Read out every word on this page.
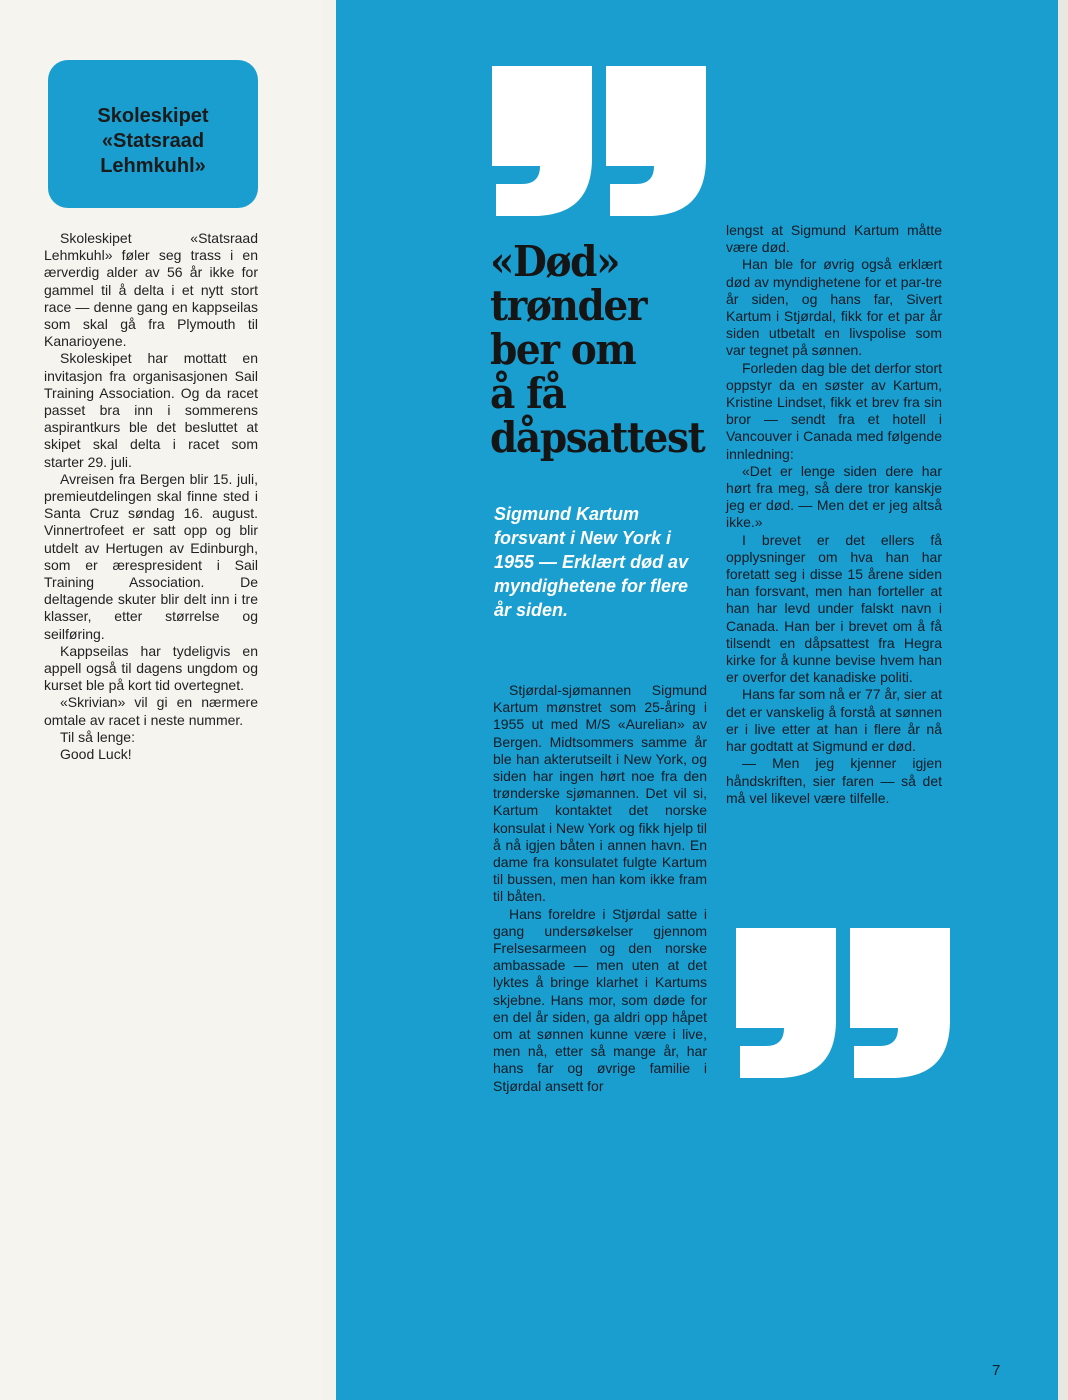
Skoleskipet
«Statsraad
Lehmkuhl»

Skoleskipet «Statsraad Lehmkuhl» føler seg trass i en ærverdig alder av 56 år ikke for gammel til å delta i et nytt stort race — denne gang en kappseilas som skal gå fra Plymouth til Kanarioyene.

Skoleskipet har mottatt en invitasjon fra organisasjonen Sail Training Association. Og da racet passet bra inn i sommerens aspirantkurs ble det besluttet at skipet skal delta i racet som starter 29. juli.

Avreisen fra Bergen blir 15. juli, premieutdelingen skal finne sted i Santa Cruz søndag 16. august. Vinnertrofeet er satt opp og blir utdelt av Hertugen av Edinburgh, som er ærespresident i Sail Training Association. De deltagende skuter blir delt inn i tre klasser, etter størrelse og seilføring.

Kappseilas har tydeligvis en appell også til dagens ungdom og kurset ble på kort tid overtegnet.

«Skrivian» vil gi en nærmere omtale av racet i neste nummer.

Til så lenge:

Good Luck!

«Død»
trønder
ber om
å få
dåpsattest
Sigmund Kartum forsvant i New York i 1955 — Erklært død av myndighetene for flere år siden.

Stjørdal-sjømannen Sigmund Kartum mønstret som 25-åring i 1955 ut med M/S «Aurelian» av Bergen. Midtsommers samme år ble han akterutseilt i New York, og siden har ingen hørt noe fra den trønderske sjømannen. Det vil si, Kartum kontaktet det norske konsulat i New York og fikk hjelp til å nå igjen båten i annen havn. En dame fra konsulatet fulgte Kartum til bussen, men han kom ikke fram til båten.

Hans foreldre i Stjørdal satte i gang undersøkelser gjennom Frelsesarmeen og den norske ambassade — men uten at det lyktes å bringe klarhet i Kartums skjebne. Hans mor, som døde for en del år siden, ga aldri opp håpet om at sønnen kunne være i live, men nå, etter så mange år, har hans far og øvrige familie i Stjørdal ansett for

lengst at Sigmund Kartum måtte være død.

Han ble for øvrig også erklært død av myndighetene for et par-tre år siden, og hans far, Sivert Kartum i Stjørdal, fikk for et par år siden utbetalt en livspolise som var tegnet på sønnen.

Forleden dag ble det derfor stort oppstyr da en søster av Kartum, Kristine Lindset, fikk et brev fra sin bror — sendt fra et hotell i Vancouver i Canada med følgende innledning:

«Det er lenge siden dere har hørt fra meg, så dere tror kanskje jeg er død. — Men det er jeg altså ikke.»

I brevet er det ellers få opplysninger om hva han har foretatt seg i disse 15 årene siden han forsvant, men han forteller at han har levd under falskt navn i Canada. Han ber i brevet om å få tilsendt en dåpsattest fra Hegra kirke for å kunne bevise hvem han er overfor det kanadiske politi.

Hans far som nå er 77 år, sier at det er vanskelig å forstå at sønnen er i live etter at han i flere år nå har godtatt at Sigmund er død.

— Men jeg kjenner igjen håndskriften, sier faren — så det må vel likevel være tilfelle.

7
